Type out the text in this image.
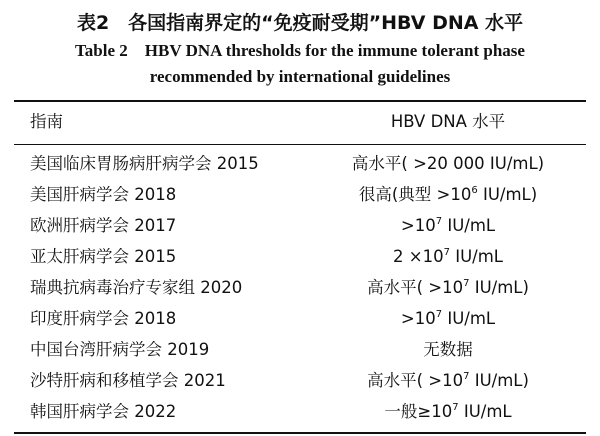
表2　各国指南界定的“免疫耐受期”HBV DNA 水平
Table 2　HBV DNA thresholds for the immune tolerant phase
recommended by international guidelines
指南	HBV DNA 水平
美国临床胃肠病肝病学会 2015	高水平( >20 000 IU/mL)
美国肝病学会 2018	很高(典型 $>10^6$ IU/mL)
欧洲肝病学会 2017	$>10^7$ IU/mL
亚太肝病学会 2015	$2 \times 10^7$ IU/mL
瑞典抗病毒治疗专家组 2020	高水平( $>10^7$ IU/mL)
印度肝病学会 2018	$>10^7$ IU/mL
中国台湾肝病学会 2019	无数据
沙特肝病和移植学会 2021	高水平( $>10^7$ IU/mL)
韩国肝病学会 2022	一般$\ge 10^7$ IU/mL
